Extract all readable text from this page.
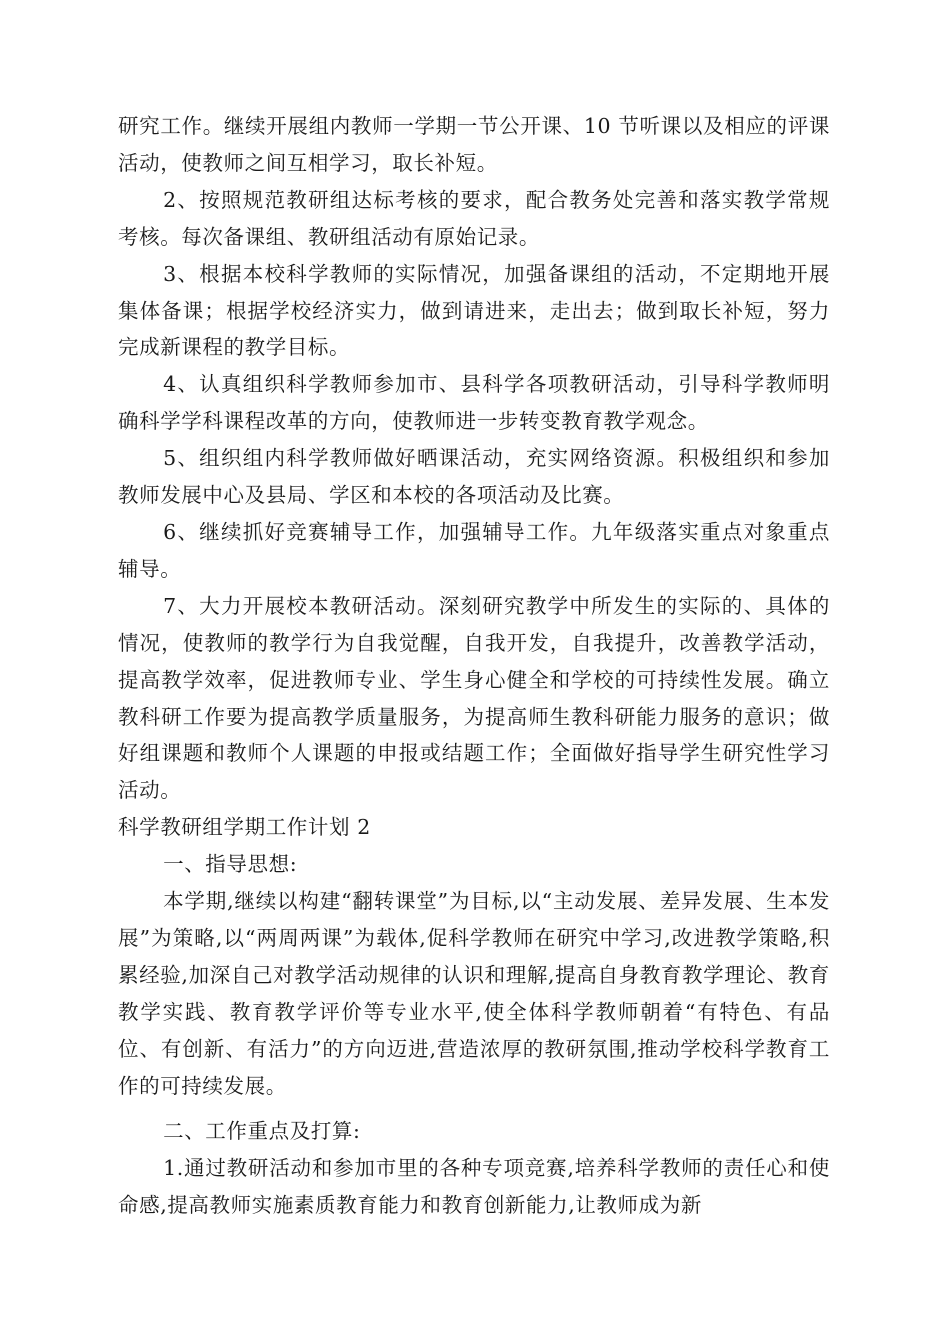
研究工作。继续开展组内教师一学期一节公开课、10 节听课以及相应的评课活动，使教师之间互相学习，取长补短。

2、按照规范教研组达标考核的要求，配合教务处完善和落实教学常规考核。每次备课组、教研组活动有原始记录。

3、根据本校科学教师的实际情况，加强备课组的活动，不定期地开展集体备课；根据学校经济实力，做到请进来，走出去；做到取长补短，努力完成新课程的教学目标。

4、认真组织科学教师参加市、县科学各项教研活动，引导科学教师明确科学学科课程改革的方向，使教师进一步转变教育教学观念。

5、组织组内科学教师做好晒课活动，充实网络资源。积极组织和参加教师发展中心及县局、学区和本校的各项活动及比赛。

6、继续抓好竞赛辅导工作，加强辅导工作。九年级落实重点对象重点辅导。

7、大力开展校本教研活动。深刻研究教学中所发生的实际的、具体的情况，使教师的教学行为自我觉醒，自我开发，自我提升，改善教学活动，提高教学效率，促进教师专业、学生身心健全和学校的可持续性发展。确立教科研工作要为提高教学质量服务，为提高师生教科研能力服务的意识；做好组课题和教师个人课题的申报或结题工作；全面做好指导学生研究性学习活动。

科学教研组学期工作计划 2

一、指导思想:

本学期,继续以构建“翻转课堂”为目标,以“主动发展、差异发展、生本发展”为策略,以“两周两课”为载体,促科学教师在研究中学习,改进教学策略,积累经验,加深自己对教学活动规律的认识和理解,提高自身教育教学理论、教育教学实践、教育教学评价等专业水平,使全体科学教师朝着“有特色、有品位、有创新、有活力”的方向迈进,营造浓厚的教研氛围,推动学校科学教育工作的可持续发展。

二、工作重点及打算:

1.通过教研活动和参加市里的各种专项竞赛,培养科学教师的责任心和使命感,提高教师实施素质教育能力和教育创新能力,让教师成为新
